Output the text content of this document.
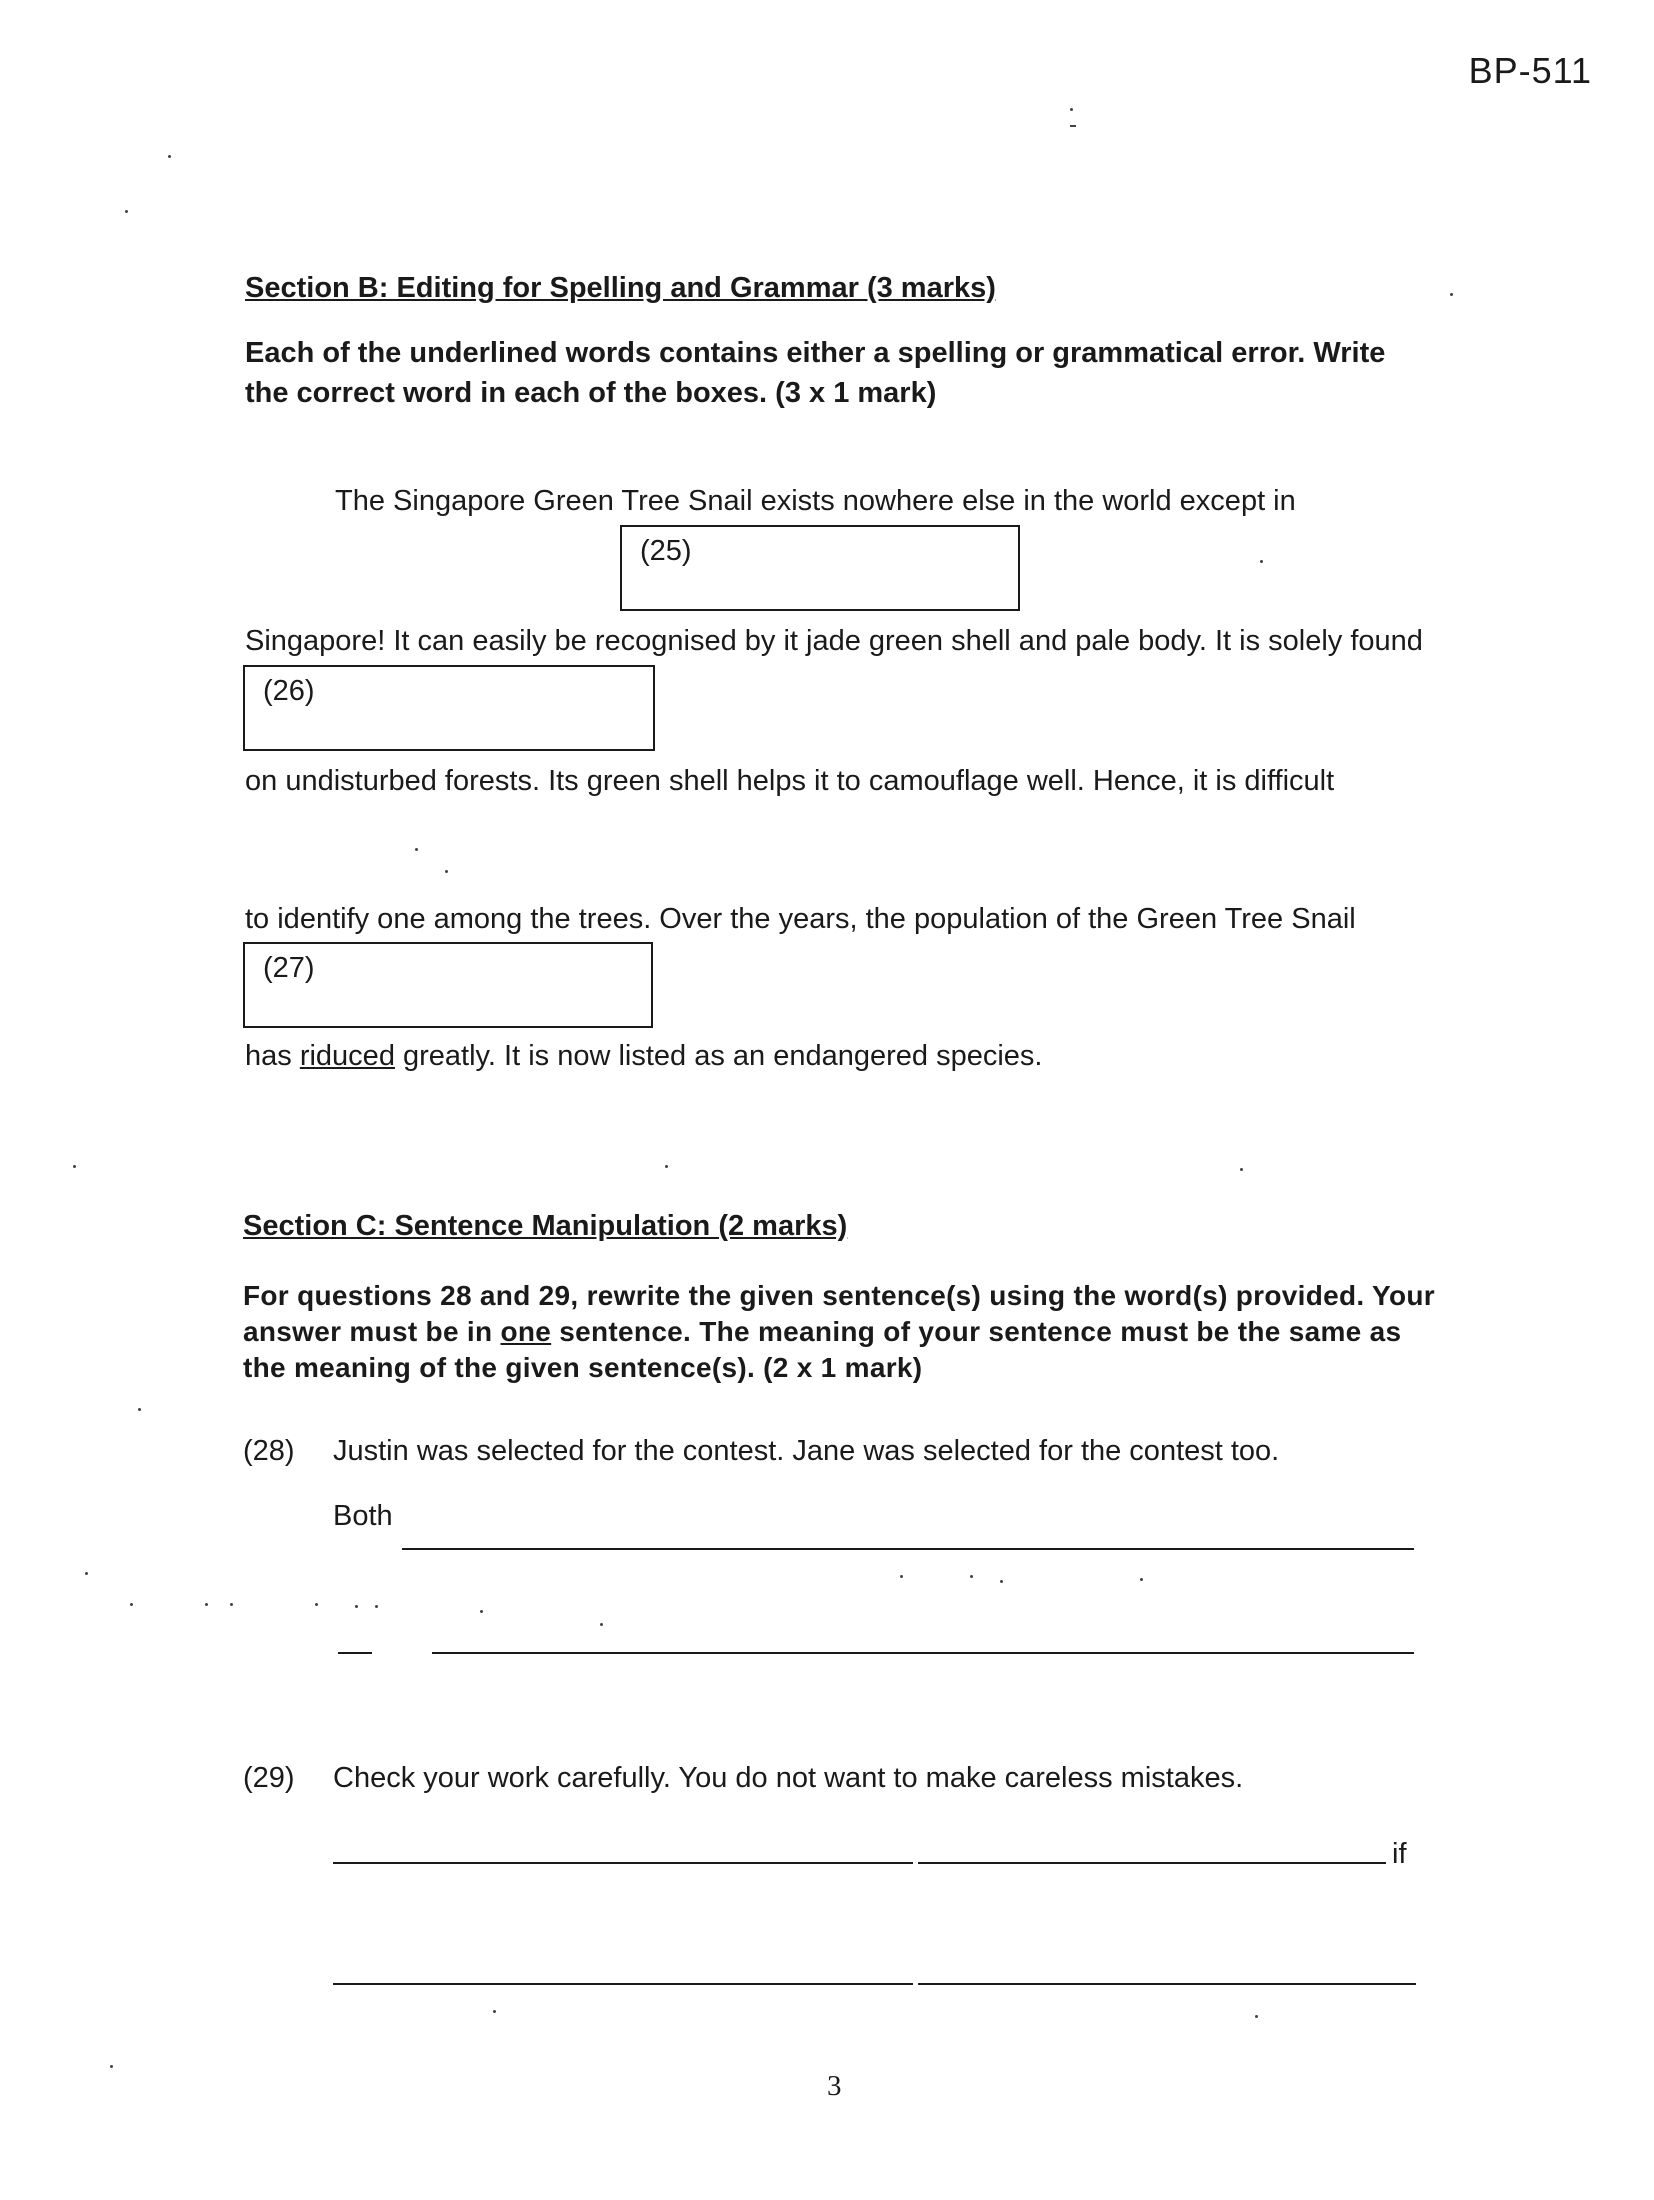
BP-511
Section B: Editing for Spelling and Grammar (3 marks)
Each of the underlined words contains either a spelling or grammatical error. Write the correct word in each of the boxes. (3 x 1 mark)
The Singapore Green Tree Snail exists nowhere else in the world except in
(25)
Singapore! It can easily be recognised by it jade green shell and pale body. It is solely found
(26)
on undisturbed forests. Its green shell helps it to camouflage well. Hence, it is difficult
to identify one among the trees. Over the years, the population of the Green Tree Snail
(27)
has riduced greatly. It is now listed as an endangered species.
Section C: Sentence Manipulation (2 marks)
For questions 28 and 29, rewrite the given sentence(s) using the word(s) provided. Your answer must be in one sentence. The meaning of your sentence must be the same as the meaning of the given sentence(s). (2 x 1 mark)
(28) Justin was selected for the contest. Jane was selected for the contest too.
Both
(29) Check your work carefully. You do not want to make careless mistakes.
if
3
